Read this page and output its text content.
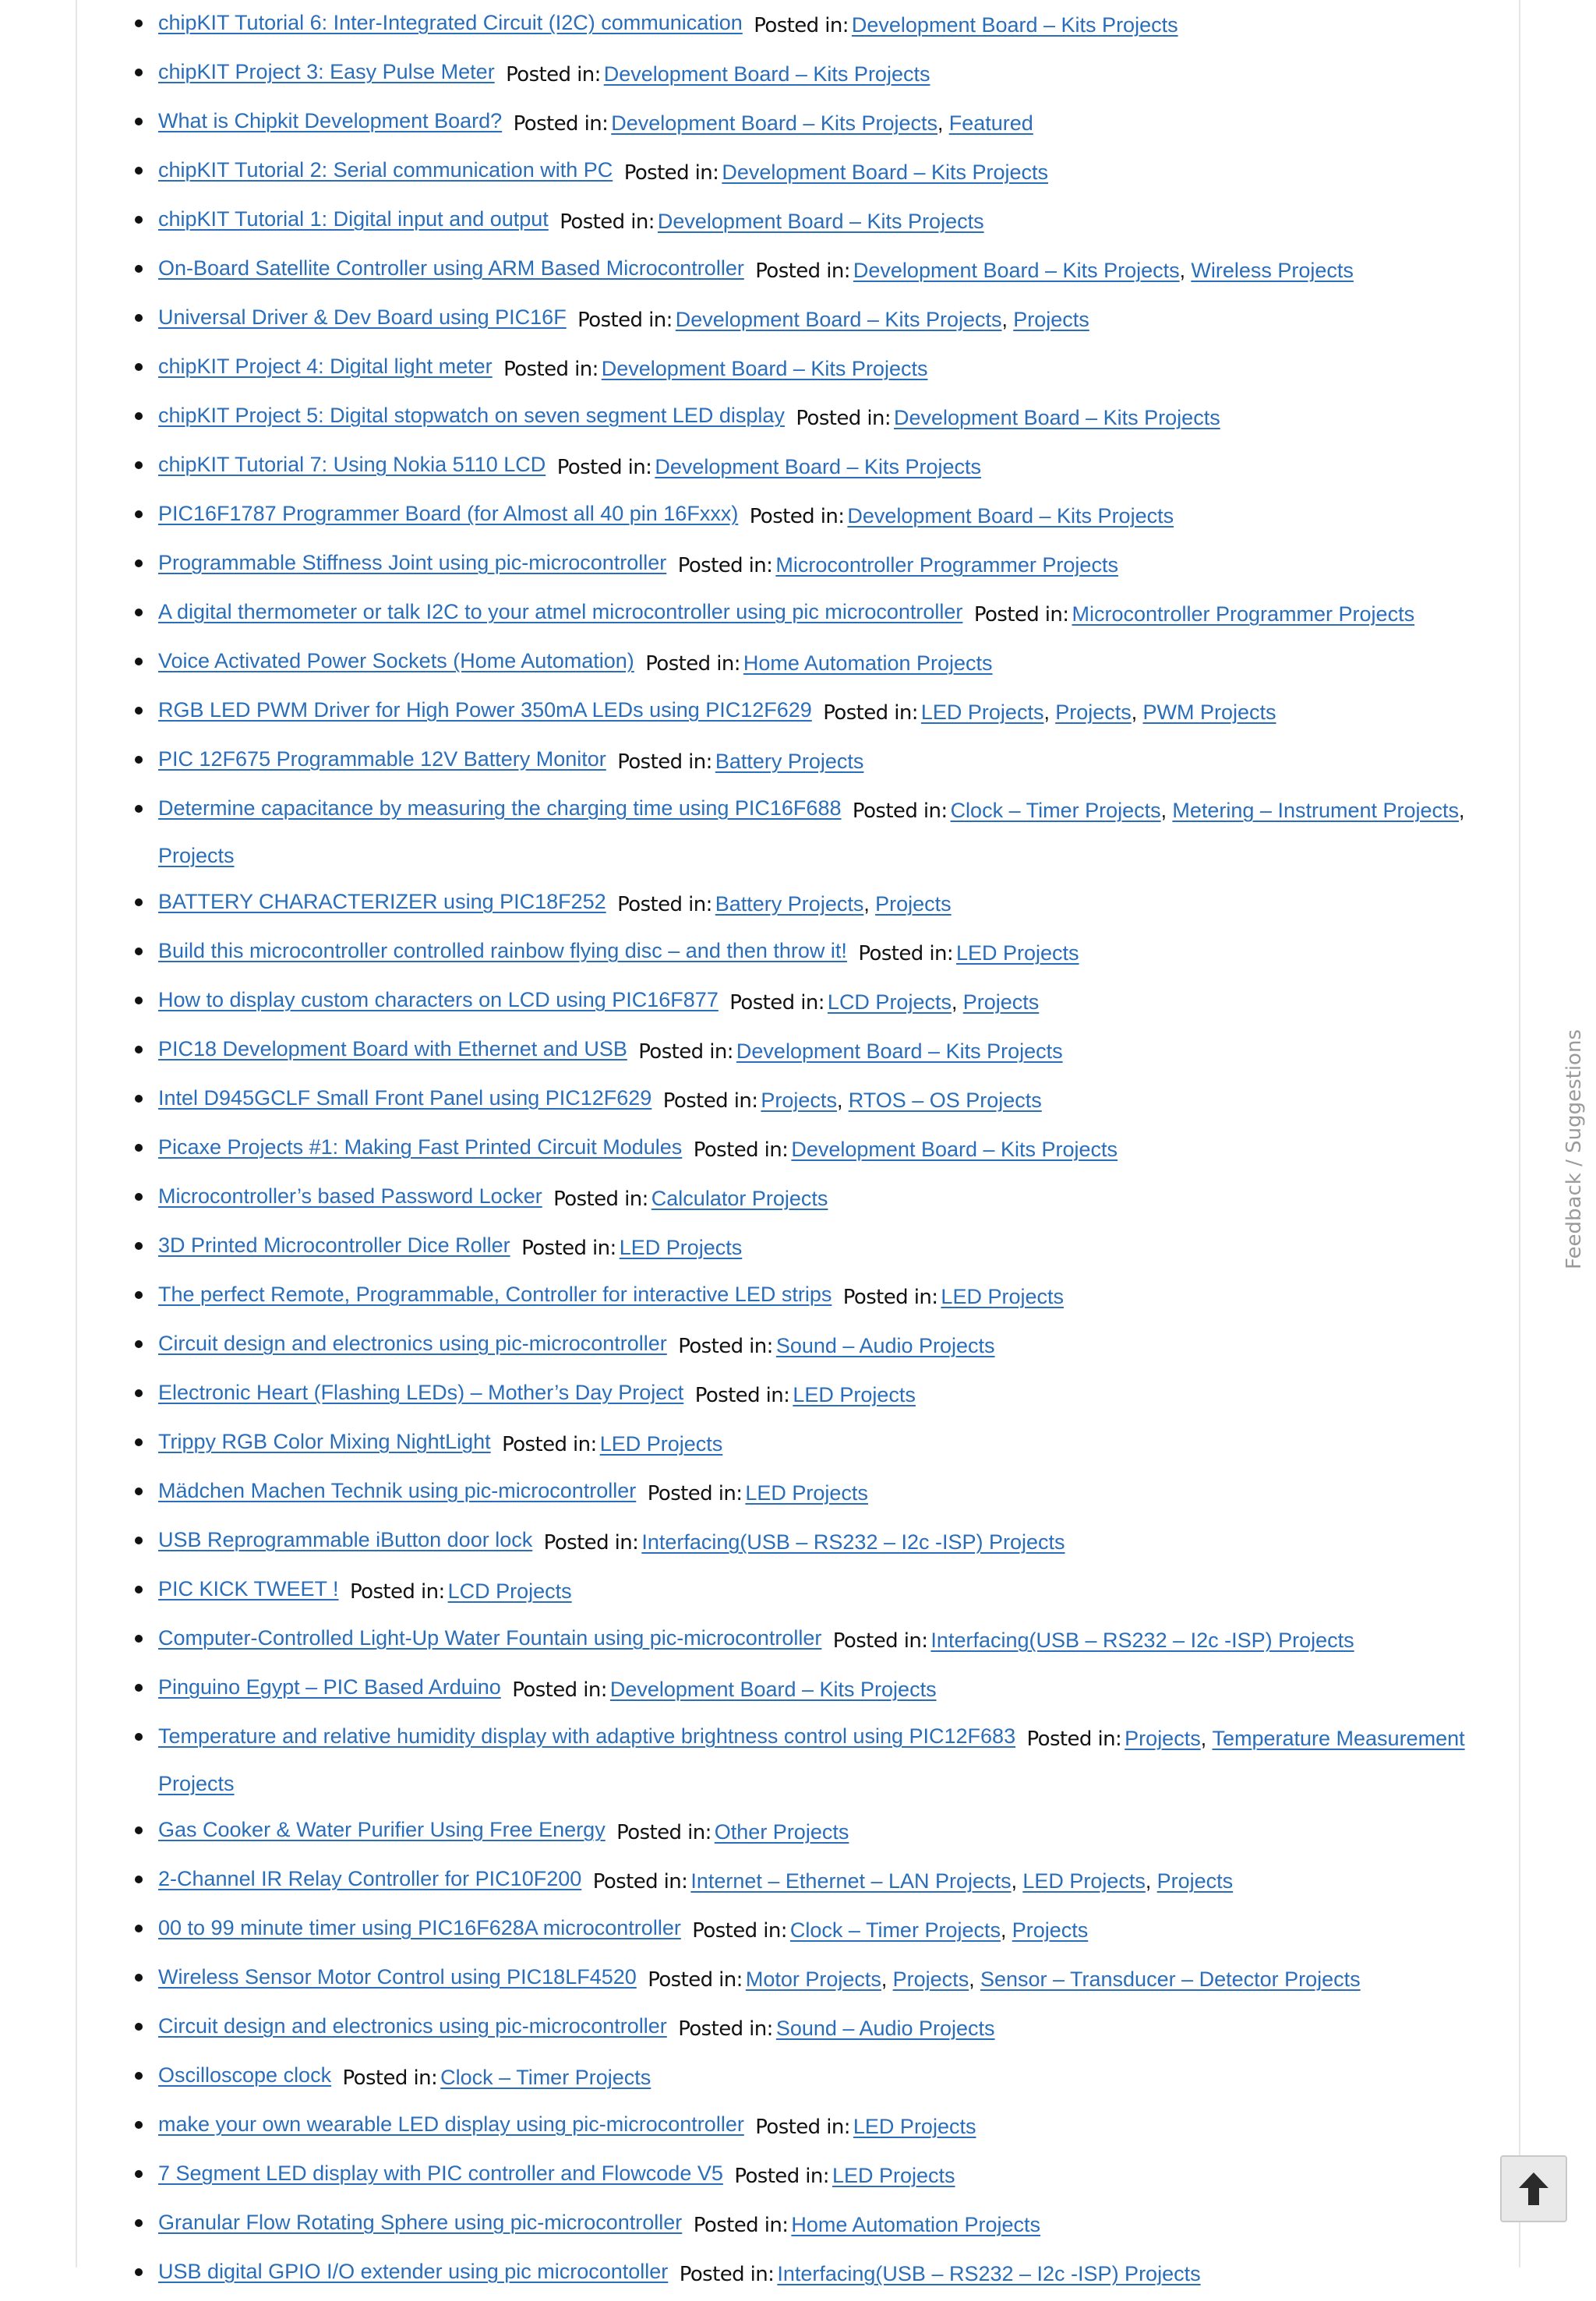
chipKIT Tutorial 6: Inter-Integrated Circuit (I2C) communication Posted in: Development Board – Kits Projects
chipKIT Project 3: Easy Pulse Meter Posted in: Development Board – Kits Projects
What is Chipkit Development Board? Posted in: Development Board – Kits Projects, Featured
chipKIT Tutorial 2: Serial communication with PC Posted in: Development Board – Kits Projects
chipKIT Tutorial 1: Digital input and output Posted in: Development Board – Kits Projects
On-Board Satellite Controller using ARM Based Microcontroller Posted in: Development Board – Kits Projects, Wireless Projects
Universal Driver & Dev Board using PIC16F Posted in: Development Board – Kits Projects, Projects
chipKIT Project 4: Digital light meter Posted in: Development Board – Kits Projects
chipKIT Project 5: Digital stopwatch on seven segment LED display Posted in: Development Board – Kits Projects
chipKIT Tutorial 7: Using Nokia 5110 LCD Posted in: Development Board – Kits Projects
PIC16F1787 Programmer Board (for Almost all 40 pin 16Fxxx) Posted in: Development Board – Kits Projects
Programmable Stiffness Joint using pic-microcontroller Posted in: Microcontroller Programmer Projects
A digital thermometer or talk I2C to your atmel microcontroller using pic microcontroller Posted in: Microcontroller Programmer Projects
Voice Activated Power Sockets (Home Automation) Posted in: Home Automation Projects
RGB LED PWM Driver for High Power 350mA LEDs using PIC12F629 Posted in: LED Projects, Projects, PWM Projects
PIC 12F675 Programmable 12V Battery Monitor Posted in: Battery Projects
Determine capacitance by measuring the charging time using PIC16F688 Posted in: Clock – Timer Projects, Metering – Instrument Projects, Projects
BATTERY CHARACTERIZER using PIC18F252 Posted in: Battery Projects, Projects
Build this microcontroller controlled rainbow flying disc – and then throw it! Posted in: LED Projects
How to display custom characters on LCD using PIC16F877 Posted in: LCD Projects, Projects
PIC18 Development Board with Ethernet and USB Posted in: Development Board – Kits Projects
Intel D945GCLF Small Front Panel using PIC12F629 Posted in: Projects, RTOS – OS Projects
Picaxe Projects #1: Making Fast Printed Circuit Modules Posted in: Development Board – Kits Projects
Microcontroller’s based Password Locker Posted in: Calculator Projects
3D Printed Microcontroller Dice Roller Posted in: LED Projects
The perfect Remote, Programmable, Controller for interactive LED strips Posted in: LED Projects
Circuit design and electronics using pic-microcontroller Posted in: Sound – Audio Projects
Electronic Heart (Flashing LEDs) – Mother’s Day Project Posted in: LED Projects
Trippy RGB Color Mixing NightLight Posted in: LED Projects
Mädchen Machen Technik using pic-microcontroller Posted in: LED Projects
USB Reprogrammable iButton door lock Posted in: Interfacing(USB – RS232 – I2c -ISP) Projects
PIC KICK TWEET ! Posted in: LCD Projects
Computer-Controlled Light-Up Water Fountain using pic-microcontroller Posted in: Interfacing(USB – RS232 – I2c -ISP) Projects
Pinguino Egypt – PIC Based Arduino Posted in: Development Board – Kits Projects
Temperature and relative humidity display with adaptive brightness control using PIC12F683 Posted in: Projects, Temperature Measurement Projects
Gas Cooker & Water Purifier Using Free Energy Posted in: Other Projects
2-Channel IR Relay Controller for PIC10F200 Posted in: Internet – Ethernet – LAN Projects, LED Projects, Projects
00 to 99 minute timer using PIC16F628A microcontroller Posted in: Clock – Timer Projects, Projects
Wireless Sensor Motor Control using PIC18LF4520 Posted in: Motor Projects, Projects, Sensor – Transducer – Detector Projects
Circuit design and electronics using pic-microcontroller Posted in: Sound – Audio Projects
Oscilloscope clock Posted in: Clock – Timer Projects
make your own wearable LED display using pic-microcontroller Posted in: LED Projects
7 Segment LED display with PIC controller and Flowcode V5 Posted in: LED Projects
Granular Flow Rotating Sphere using pic-microcontroller Posted in: Home Automation Projects
USB digital GPIO I/O extender using pic microcontoller Posted in: Interfacing(USB – RS232 – I2c -ISP) Projects
Feedback / Suggestions
